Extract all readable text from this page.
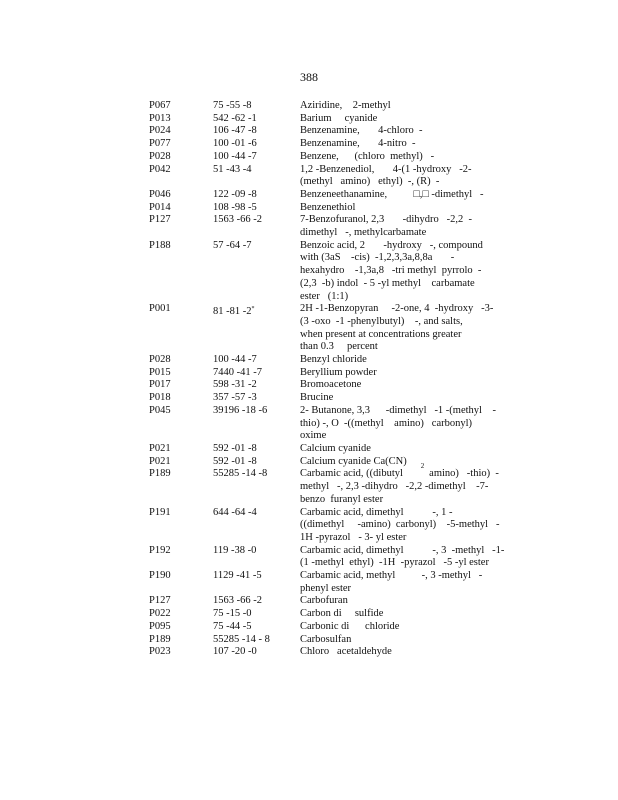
388
P067	75 -55 -8	Aziridine,    2-methyl
P013	542 -62 -1	Barium     cyanide
P024	106 -47 -8	Benzenamine,       4-chloro  -
P077	100 -01 -6	Benzenamine,       4-nitro  -
P028	100 -44 -7	Benzene,      (chloro  methyl)   -
P042	51 -43 -4	1,2 -Benzenediol,       4-(1 -hydroxy   -2-
(methyl   amino)   ethyl)  -, (R)  -
P046	122 -09 -8	Benzeneethanamine,          □,□ -dimethyl   -
P014	108 -98 -5	Benzenethiol
P127	1563 -66 -2	7-Benzofuranol, 2,3       -dihydro   -2,2  -
dimethyl   -, methylcarbamate
P188	57 -64 -7	Benzoic acid, 2       -hydroxy   -, compound
with (3aS    -cis)  -1,2,3,3a,8,8a       -
hexahydro    -1,3a,8   -tri methyl  pyrrolo  -
(2,3  -b) indol  - 5 -yl methyl    carbamate
ester   (1:1)
P001	81 -81 -2*	2H -1-Benzopyran     -2-one, 4  -hydroxy   -3-
(3 -oxo  -1 -phenylbutyl)    -, and salts,
when present at concentrations greater
than 0.3     percent
P028	100 -44 -7	Benzyl chloride
P015	7440 -41 -7	Beryllium powder
P017	598 -31 -2	Bromoacetone
P018	357 -57 -3	Brucine
P045	39196 -18 -6	2- Butanone, 3,3      -dimethyl   -1 -(methyl    -
thio) -, O  -((methyl    amino)   carbonyl)
oxime
P021	592 -01 -8	Calcium cyanide
P021	592 -01 -8	Calcium cyanide Ca(CN) $_2$
P189	55285 -14 -8	Carbamic acid, ((dibutyl          amino)   -thio)  -
methyl   -, 2,3 -dihydro   -2,2 -dimethyl    -7-
benzo  furanyl ester
P191	644 -64 -4	Carbamic acid, dimethyl           -, 1 -
((dimethyl     -amino)  carbonyl)    -5-methyl   -
1H -pyrazol   - 3- yl ester
P192	119 -38 -0	Carbamic acid, dimethyl           -, 3  -methyl   -1-
(1 -methyl  ethyl)  -1H  -pyrazol   -5 -yl ester
P190	1129 -41 -5	Carbamic acid, methyl          -, 3 -methyl   -
phenyl ester
P127	1563 -66 -2	Carbofuran
P022	75 -15 -0	Carbon di     sulfide
P095	75 -44 -5	Carbonic di      chloride
P189	55285 -14 - 8	Carbosulfan
P023	107 -20 -0	Chloro   acetaldehyde
